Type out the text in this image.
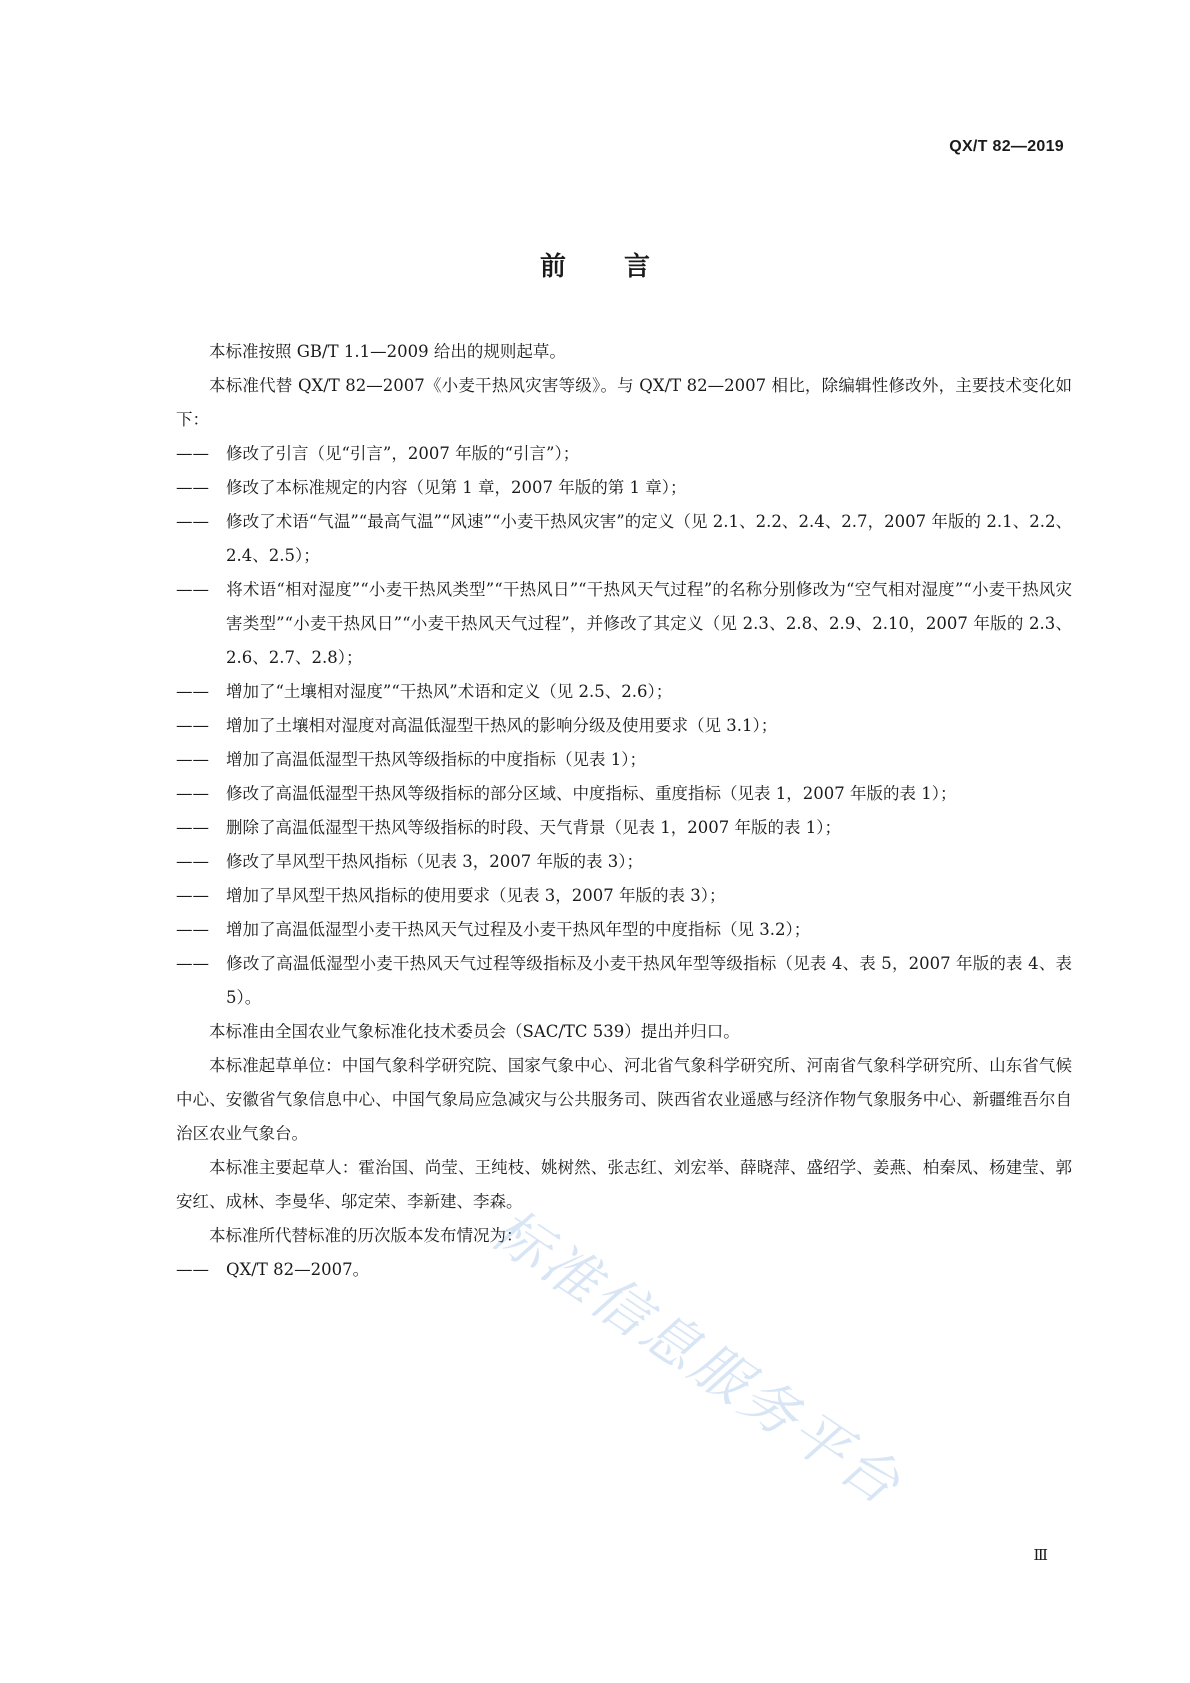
QX/T 82—2019
前言

本标准按照 GB/T 1.1—2009 给出的规则起草。

本标准代替 QX/T 82—2007《小麦干热风灾害等级》。与 QX/T 82—2007 相比，除编辑性修改外，主要技术变化如下：

—— 修改了引言（见“引言”，2007 年版的“引言”）；

—— 修改了本标准规定的内容（见第 1 章，2007 年版的第 1 章）；

—— 修改了术语“气温”“最高气温”“风速”“小麦干热风灾害”的定义（见 2.1、2.2、2.4、2.7，2007 年版的 2.1、2.2、2.4、2.5）；

—— 将术语“相对湿度”“小麦干热风类型”“干热风日”“干热风天气过程”的名称分别修改为“空气相对湿度”“小麦干热风灾害类型”“小麦干热风日”“小麦干热风天气过程”，并修改了其定义（见 2.3、2.8、2.9、2.10，2007 年版的 2.3、2.6、2.7、2.8）；

—— 增加了“土壤相对湿度”“干热风”术语和定义（见 2.5、2.6）；

—— 增加了土壤相对湿度对高温低湿型干热风的影响分级及使用要求（见 3.1）；

—— 增加了高温低湿型干热风等级指标的中度指标（见表 1）；

—— 修改了高温低湿型干热风等级指标的部分区域、中度指标、重度指标（见表 1，2007 年版的表 1）；

—— 删除了高温低湿型干热风等级指标的时段、天气背景（见表 1，2007 年版的表 1）；

—— 修改了旱风型干热风指标（见表 3，2007 年版的表 3）；

—— 增加了旱风型干热风指标的使用要求（见表 3，2007 年版的表 3）；

—— 增加了高温低湿型小麦干热风天气过程及小麦干热风年型的中度指标（见 3.2）；

—— 修改了高温低湿型小麦干热风天气过程等级指标及小麦干热风年型等级指标（见表 4、表 5，2007 年版的表 4、表 5）。

本标准由全国农业气象标准化技术委员会（SAC/TC 539）提出并归口。

本标准起草单位：中国气象科学研究院、国家气象中心、河北省气象科学研究所、河南省气象科学研究所、山东省气候中心、安徽省气象信息中心、中国气象局应急减灾与公共服务司、陕西省农业遥感与经济作物气象服务中心、新疆维吾尔自治区农业气象台。

本标准主要起草人：霍治国、尚莹、王纯枝、姚树然、张志红、刘宏举、薛晓萍、盛绍学、姜燕、柏秦凤、杨建莹、郭安红、成林、李曼华、邬定荣、李新建、李森。

本标准所代替标准的历次版本发布情况为：

—— QX/T 82—2007。	标准信息服务平台
Ⅲ
